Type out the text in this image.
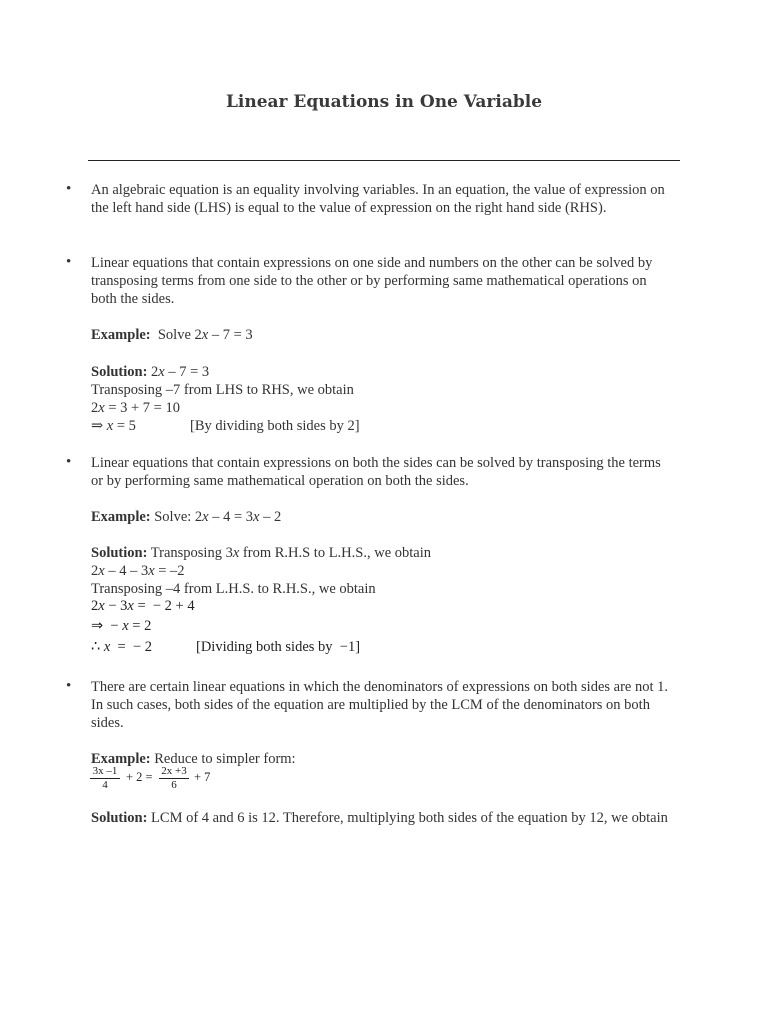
Linear Equations in One Variable
• An algebraic equation is an equality involving variables. In an equation, the value of expression on the left hand side (LHS) is equal to the value of expression on the right hand side (RHS).
• Linear equations that contain expressions on one side and numbers on the other can be solved by transposing terms from one side to the other or by performing same mathematical operations on both the sides.
Example:  Solve 2x – 7 = 3
Solution: 2x – 7 = 3
Transposing –7 from LHS to RHS, we obtain
2x = 3 + 7 = 10
⇒ x = 5	[By dividing both sides by 2]
• Linear equations that contain expressions on both the sides can be solved by transposing the terms or by performing same mathematical operation on both the sides.
Example: Solve: 2x – 4 = 3x – 2
Solution: Transposing 3x from R.H.S to L.H.S., we obtain
2x – 4 – 3x = –2
Transposing –4 from L.H.S. to R.H.S., we obtain
2x − 3x =  − 2 + 4
⇒  − x = 2
∴ x  =  − 2	[Dividing both sides by  −1]
• There are certain linear equations in which the denominators of expressions on both sides are not 1. In such cases, both sides of the equation are multiplied by the LCM of the denominators on both sides.
Example: Reduce to simpler form:
$\frac{3x -1}{4} + 2 = \frac{2x +3}{6} + 7$
Solution: LCM of 4 and 6 is 12. Therefore, multiplying both sides of the equation by 12, we obtain
